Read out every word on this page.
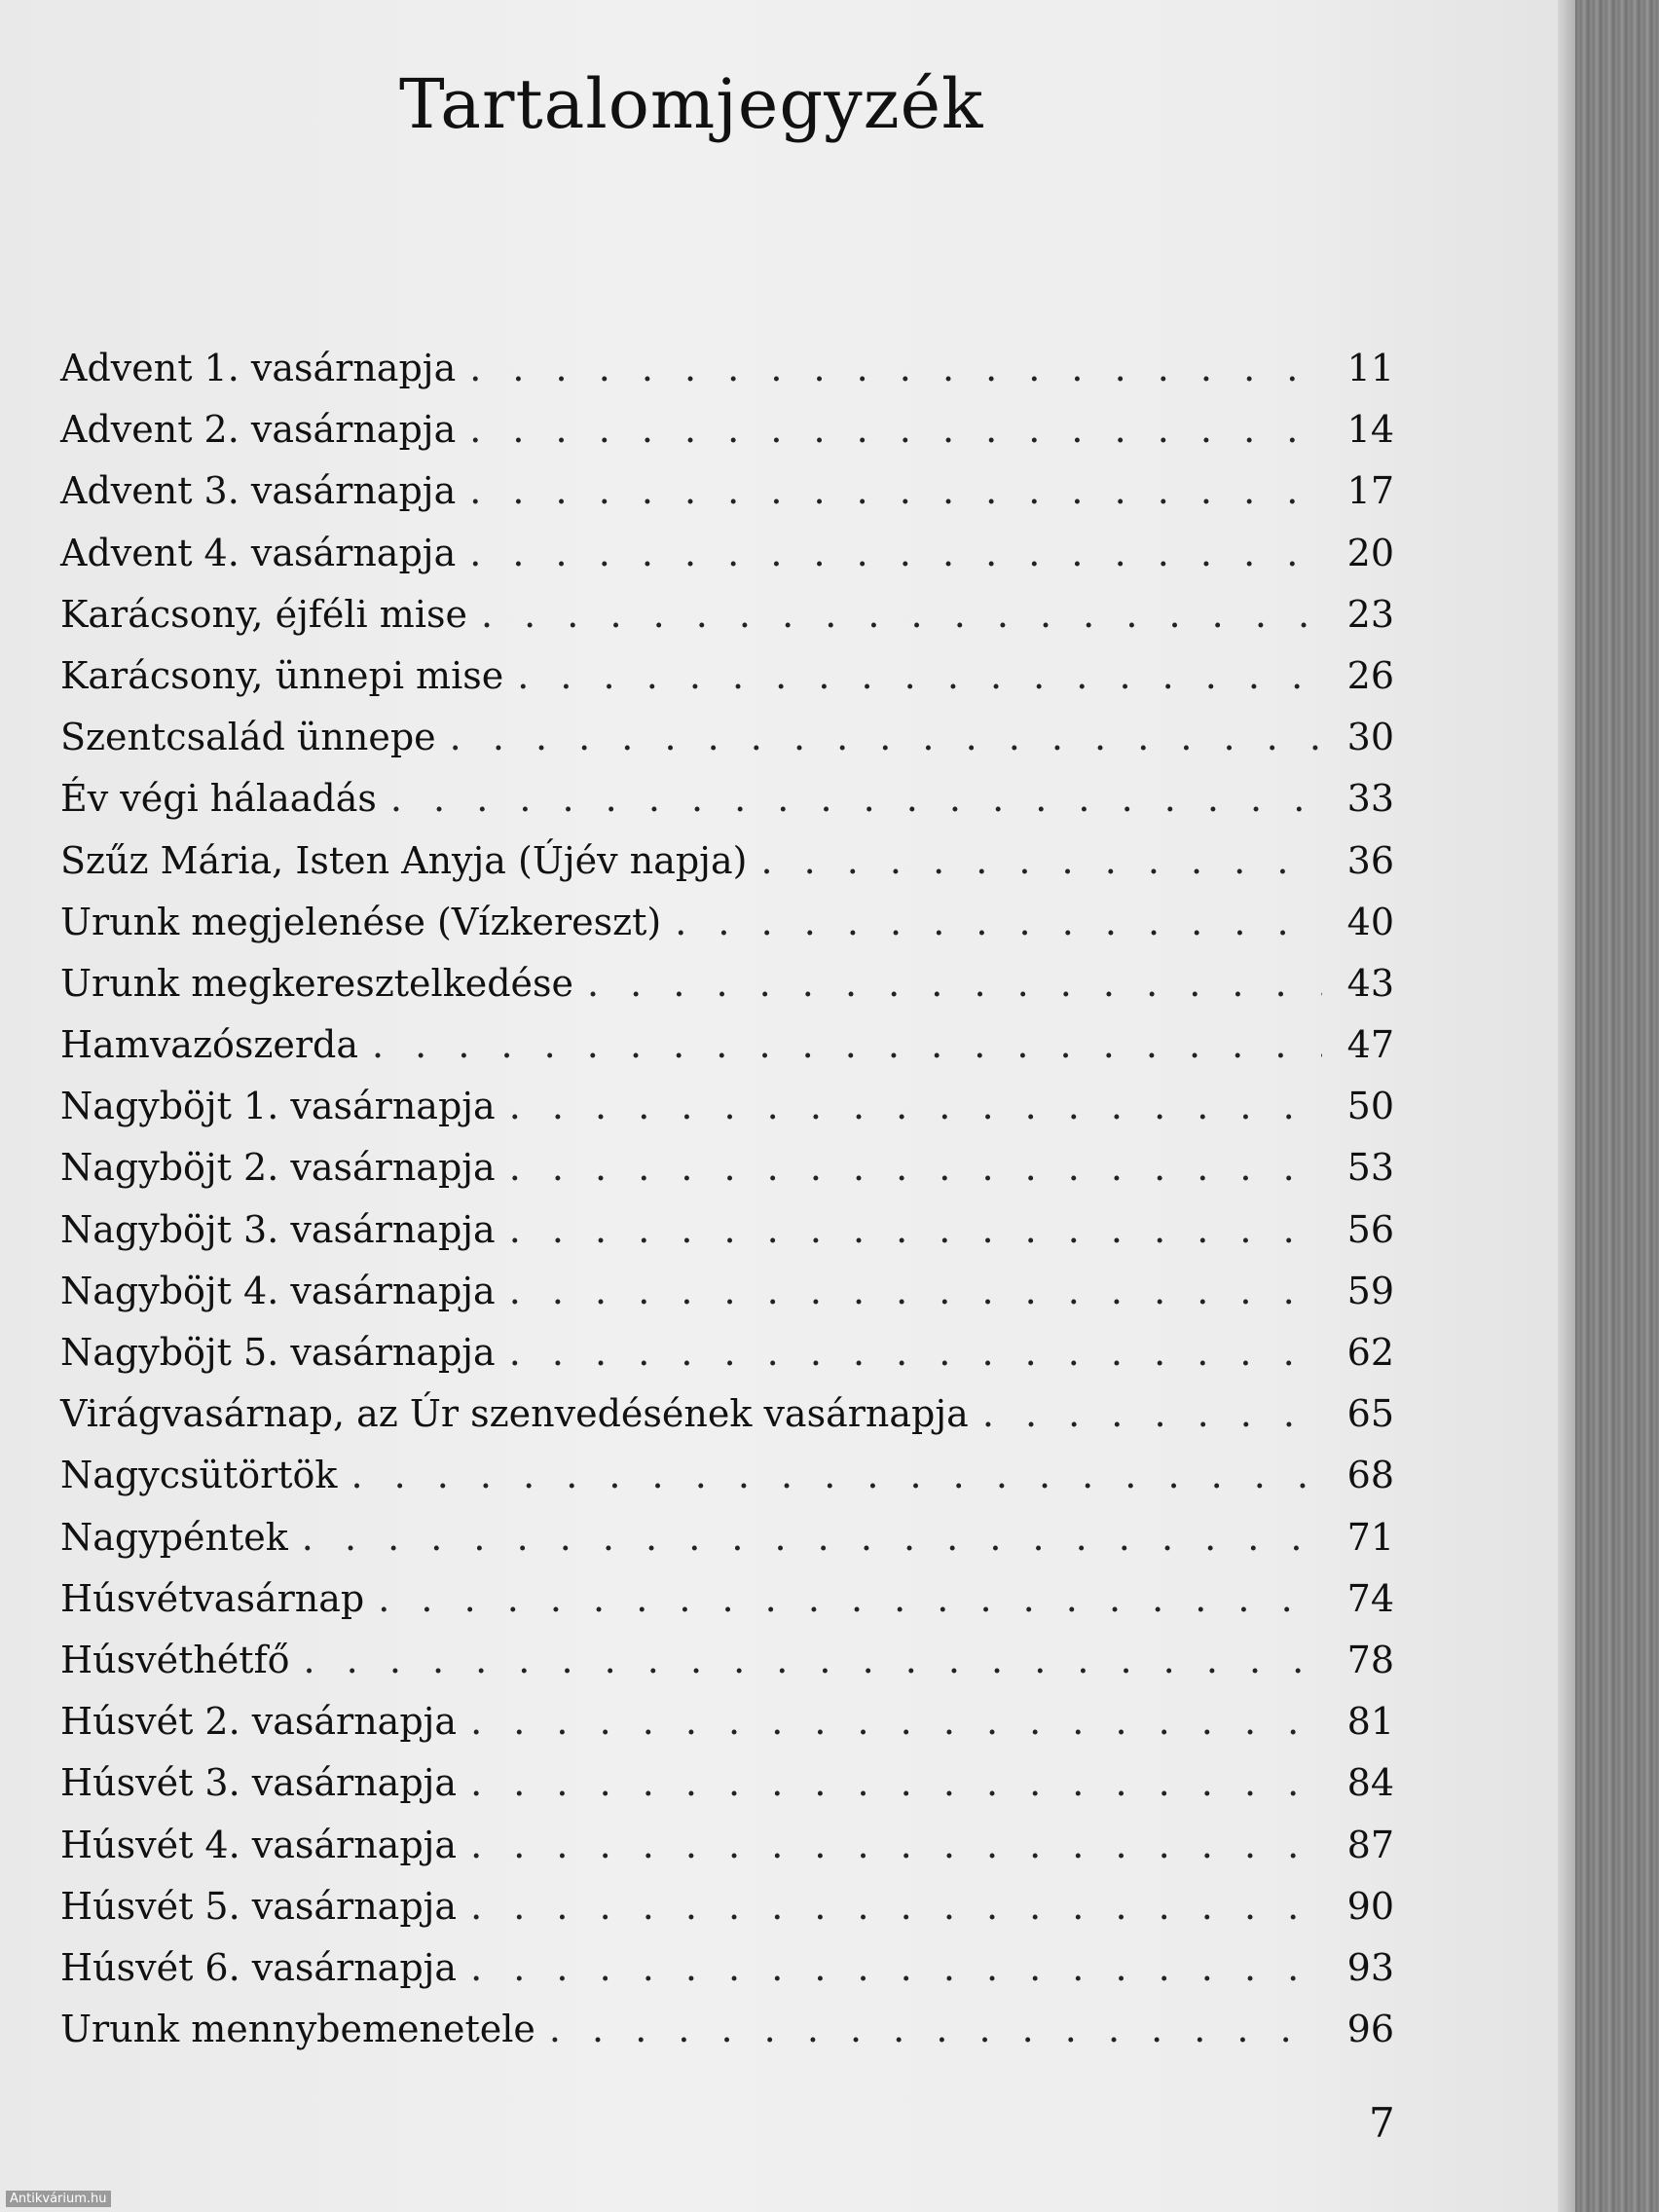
Tartalomjegyzék
Advent 1. vasárnapja . . .	11
Advent 2. vasárnapja . . .	14
Advent 3. vasárnapja . . .	17
Advent 4. vasárnapja . . .	20
Karácsony, éjféli mise . . .	23
Karácsony, ünnepi mise . . .	26
Szentcsalád ünnepe . . .	30
Év végi hálaadás . . .	33
Szűz Mária, Isten Anyja (Újév napja) . . .	36
Urunk megjelenése (Vízkereszt) . . .	40
Urunk megkeresztelkedése . . .	43
Hamvazószerda . . .	47
Nagyböjt 1. vasárnapja . . .	50
Nagyböjt 2. vasárnapja . . .	53
Nagyböjt 3. vasárnapja . . .	56
Nagyböjt 4. vasárnapja . . .	59
Nagyböjt 5. vasárnapja . . .	62
Virágvasárnap, az Úr szenvedésének vasárnapja . . .	65
Nagycsütörtök . . .	68
Nagypéntek . . .	71
Húsvétvasárnap . . .	74
Húsvéthétfő . . .	78
Húsvét 2. vasárnapja . . .	81
Húsvét 3. vasárnapja . . .	84
Húsvét 4. vasárnapja . . .	87
Húsvét 5. vasárnapja . . .	90
Húsvét 6. vasárnapja . . .	93
Urunk mennybemenetele . . .	96
7
Antikvárium.hu
